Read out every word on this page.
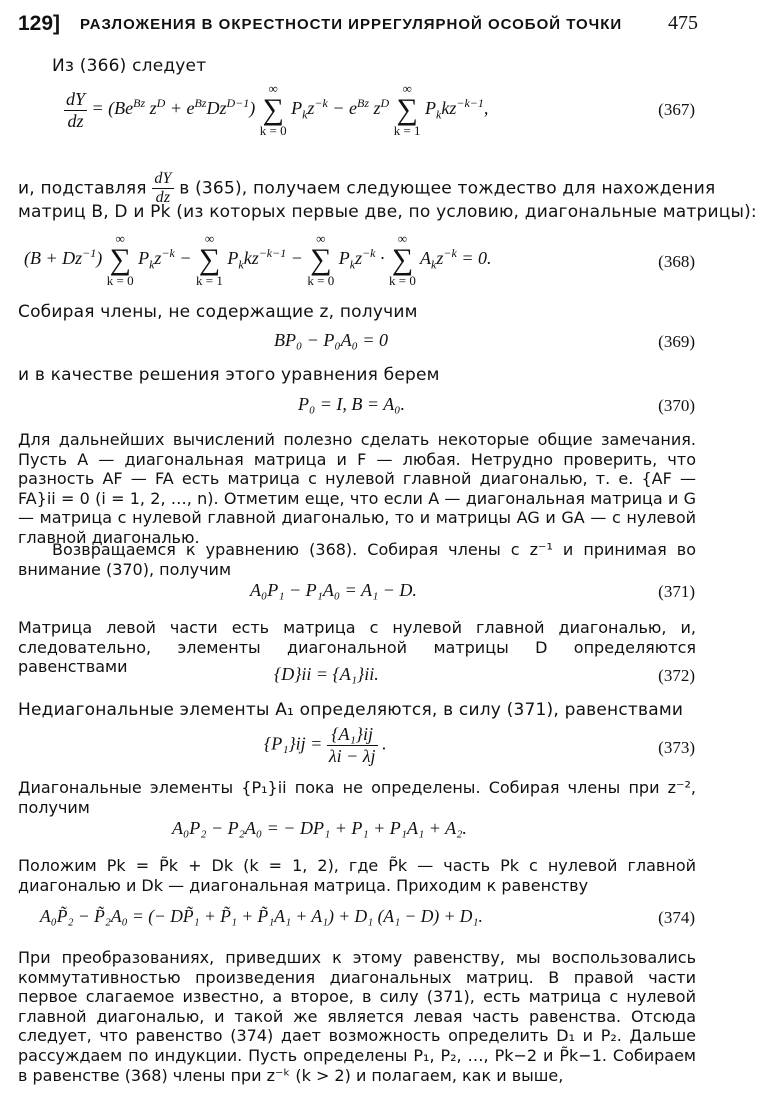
129] РАЗЛОЖЕНИЯ В ОКРЕСТНОСТИ ИРРЕГУЛЯРНОЙ ОСОБОЙ ТОЧКИ 475
Из (366) следует
$\frac{dY}{dz} = (Be^{Bz}$ $z^D + e^{Bz}Dz^{D-1}$)
∞
∑
k = 0
$P_kz^{-k} - e^{Bz}$ $z^D$
∞
∑
k = 1
$P_kkz^{-k-1}$,	(367)
и, подставляя $\frac{dY}{dz}$ в (365), получаем следующее тождество для нахождения
матриц B, D и Pk (из которых первые две, по условию, диагональные матрицы):
$(B + Dz^{-1})$
∞
∑
k = 0
$P_kz^{-k}$ −
∞
∑
k = 1
$P_kkz^{-k-1}$ −
∞
∑
k = 0
$P_kz^{-k}$ ·
∞
∑
k = 0
$A_kz^{-k} = 0$.	(368)
Собирая члены, не содержащие z, получим
BP₀ − P₀A₀ = 0	(369)
и в качестве решения этого уравнения берем
P₀ = I, B = A₀.	(370)
Для дальнейших вычислений полезно сделать некоторые общие замечания. Пусть A — диагональная матрица и F — любая. Нетрудно проверить, что разность AF — FA есть матрица с нулевой главной диагональю, т. е. {AF — FA}ii = 0 (i = 1, 2, …, n). Отметим еще, что если A — диагональная матрица и G — матрица с нулевой главной диагональю, то и матрицы AG и GA — с нулевой главной диагональю.
Возвращаемся к уравнению (368). Собирая члены с z⁻¹ и принимая во внимание (370), получим
A₀P₁ − P₁A₀ = A₁ − D.	(371)
Матрица левой части есть матрица с нулевой главной диагональю, и, следовательно, элементы диагональной матрицы D определяются равенствами	{D}ii = {A₁}ii.	(372)
Недиагональные элементы A₁ определяются, в силу (371), равенствами
$\{P_1\}ij = \frac{\text{\{A₁\}ij}}{\lambda i - \lambda j}$ .	(373)
Диагональные элементы {P₁}ii пока не определены. Собирая члены при z⁻², получим
A₀P₂ − P₂A₀ = − DP₁ + P₁ + P₁A₁ + A₂.
Положим Pk = P̃k + Dk (k = 1, 2), где P̃k — часть Pk с нулевой главной диагональю и Dk — диагональная матрица. Приходим к равенству
A₀P̃₂ − P̃₂A₀ = (− DP̃₁ + P̃₁ + P̃₁A₁ + A₁) + D₁ (A₁ − D) + D₁.	(374)
При преобразованиях, приведших к этому равенству, мы воспользовались коммутативностью произведения диагональных матриц. В правой части первое слагаемое известно, а второе, в силу (371), есть матрица с нулевой главной диагональю, и такой же является левая часть равенства. Отсюда следует, что равенство (374) дает возможность определить D₁ и P₂. Дальше рассуждаем по индукции. Пусть определены P₁, P₂, …, Pk−2 и P̃k−1. Собираем в равенстве (368) члены при z⁻ᵏ (k > 2) и полагаем, как и выше,
